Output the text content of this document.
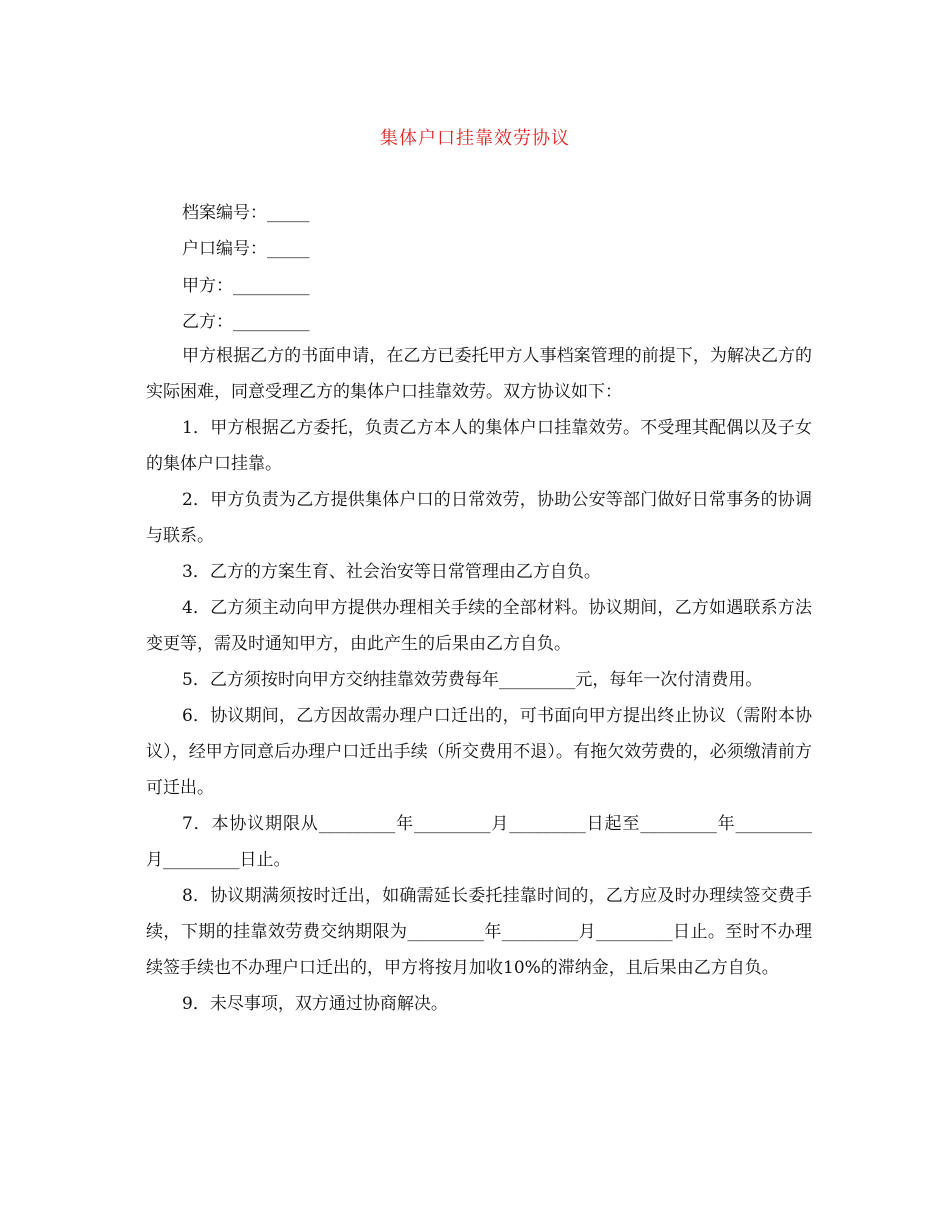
集体户口挂靠效劳协议
档案编号：_____
户口编号：_____
甲方：_________
乙方：_________

甲方根据乙方的书面申请，在乙方已委托甲方人事档案管理的前提下，为解决乙方的实际困难，同意受理乙方的集体户口挂靠效劳。双方协议如下：

1．甲方根据乙方委托，负责乙方本人的集体户口挂靠效劳。不受理其配偶以及子女的集体户口挂靠。

2．甲方负责为乙方提供集体户口的日常效劳，协助公安等部门做好日常事务的协调与联系。

3．乙方的方案生育、社会治安等日常管理由乙方自负。

4．乙方须主动向甲方提供办理相关手续的全部材料。协议期间，乙方如遇联系方法变更等，需及时通知甲方，由此产生的后果由乙方自负。

5．乙方须按时向甲方交纳挂靠效劳费每年_________元，每年一次付清费用。

6．协议期间，乙方因故需办理户口迁出的，可书面向甲方提出终止协议（需附本协议），经甲方同意后办理户口迁出手续（所交费用不退）。有拖欠效劳费的，必须缴清前方可迁出。

7．本协议期限从_________年_________月_________日起至_________年_________月_________日止。

8．协议期满须按时迁出，如确需延长委托挂靠时间的，乙方应及时办理续签交费手续，下期的挂靠效劳费交纳期限为_________年_________月_________日止。至时不办理续签手续也不办理户口迁出的，甲方将按月加收10%的滞纳金，且后果由乙方自负。

9．未尽事项，双方通过协商解决。
